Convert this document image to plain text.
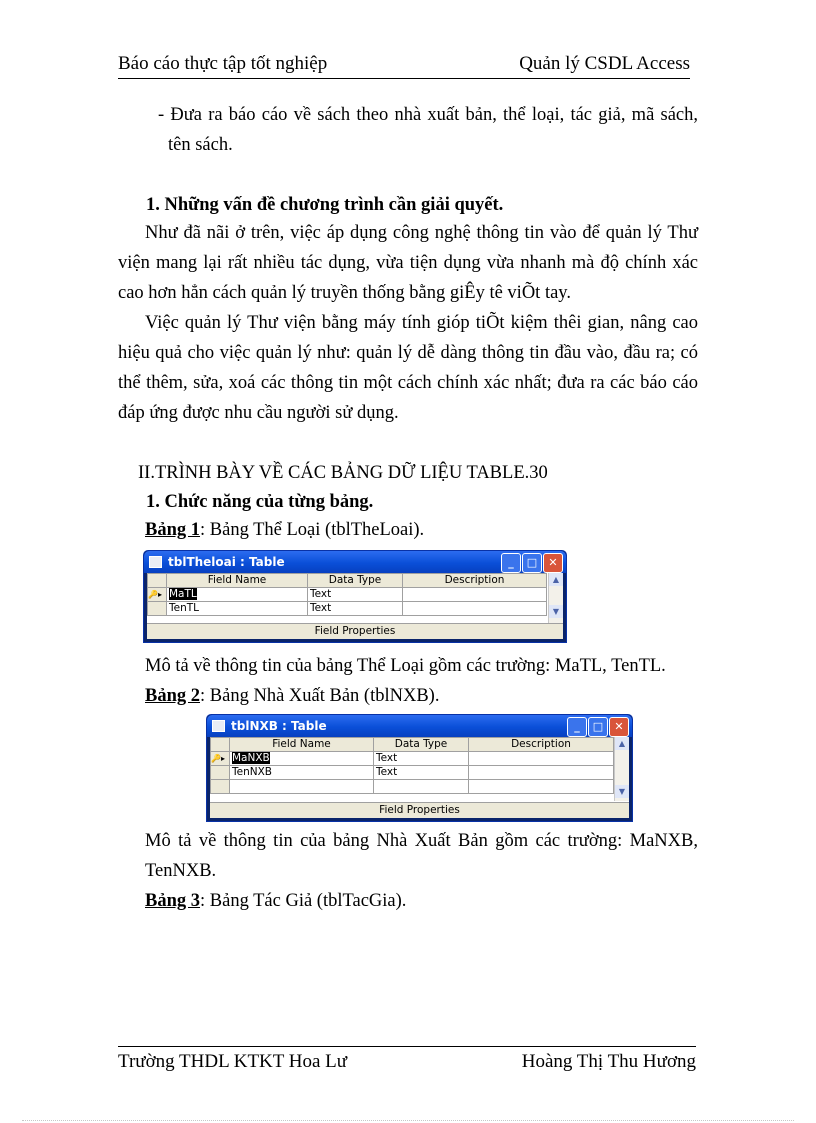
Báo cáo thực tập tốt nghiệp	Quản lý CSDL Access
- Đưa ra báo cáo về sách theo nhà xuất bản, thể loại, tác giả, mã sách,
tên sách.
1. Những vấn đề chương trình cần giải quyết.
Như đã nãi ở trên, việc áp dụng công nghệ thông tin vào để quản lý Thư
viện mang lại rất nhiều tác dụng, vừa tiện dụng vừa nhanh mà độ chính xác
cao hơn hẳn cách quản lý truyền thống bằng giÊy tê viÕt tay.
Việc quản lý Thư viện bằng máy tính gióp tiÕt kiệm thêi gian, nâng cao
hiệu quả cho việc quản lý như: quản lý dễ dàng thông tin đầu vào, đầu ra; có
thể thêm, sửa, xoá các thông tin một cách chính xác nhất; đưa ra các báo cáo
đáp ứng được nhu cầu người sử dụng.
II.TRÌNH BÀY VỀ CÁC BẢNG DỮ LIỆU TABLE.30
1. Chức năng của từng bảng.
Bảng 1: Bảng Thể Loại (tblTheLoai).
tblTheloai : Table	_	□	✕
	Field Name	Data Type	Description
🔑▸	MaTL	Text	
	TenTL	Text	
▲
▼
Field Properties
Mô tả về thông tin của bảng Thể Loại gồm các trường: MaTL, TenTL.
Bảng 2: Bảng Nhà Xuất Bản (tblNXB).
tblNXB : Table	_	□	✕
	Field Name	Data Type	Description
🔑▸	MaNXB	Text	
	TenNXB	Text	

▲
▼
Field Properties
Mô tả về thông tin của bảng Nhà Xuất Bản gồm các trường: MaNXB,
TenNXB.
Bảng 3: Bảng Tác Giả (tblTacGia).
Trường THDL KTKT Hoa Lư	Hoàng Thị Thu Hương
